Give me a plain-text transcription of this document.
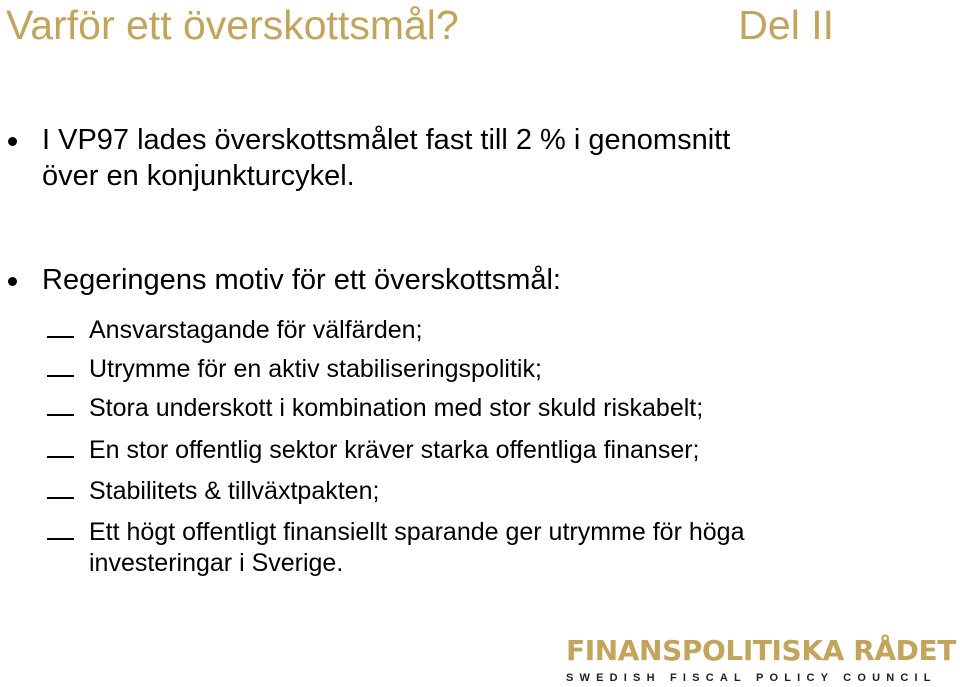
Varför ett överskottsmål?	Del II
I VP97 lades överskottsmålet fast till 2 % i genomsnitt
över en konjunkturcykel.
Regeringens motiv för ett överskottsmål:
Ansvarstagande för välfärden;
Utrymme för en aktiv stabiliseringspolitik;
Stora underskott i kombination med stor skuld riskabelt;
En stor offentlig sektor kräver starka offentliga finanser;
Stabilitets & tillväxtpakten;
Ett högt offentligt finansiellt sparande ger utrymme för höga
investeringar i Sverige.
FINANSPOLITISKA RÅDET
SWEDISH FISCAL POLICY COUNCIL
